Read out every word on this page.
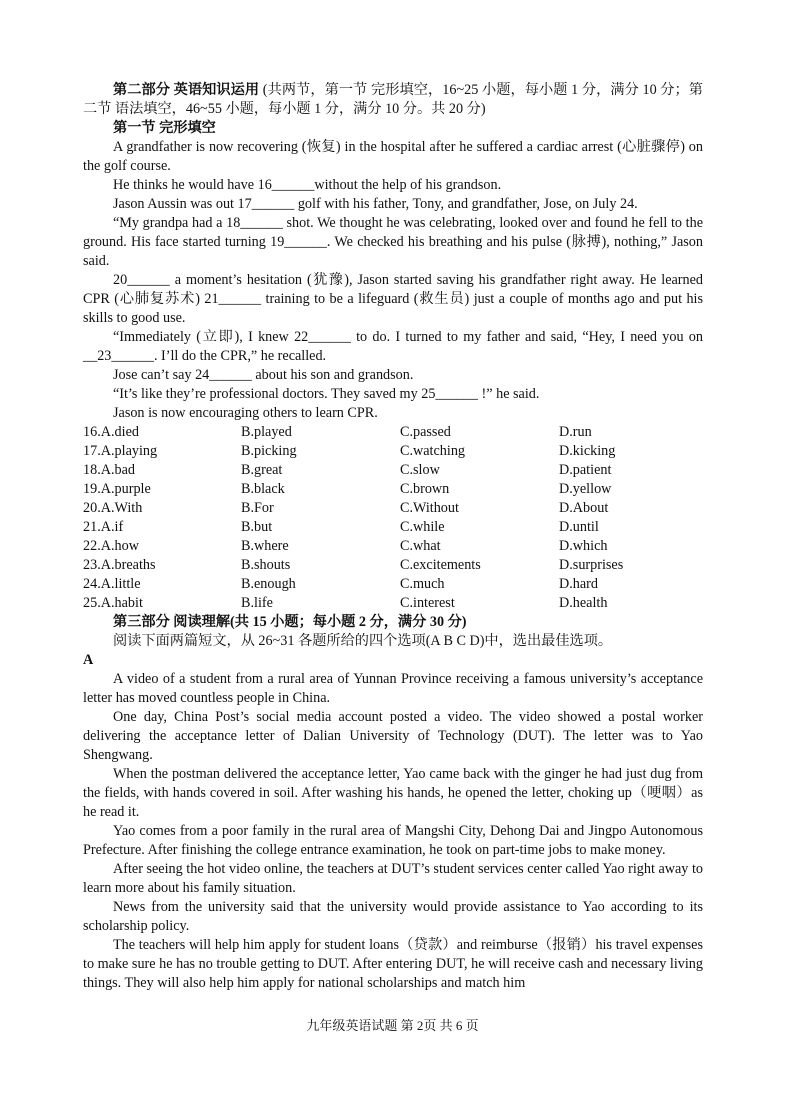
第二部分 英语知识运用 (共两节，第一节 完形填空，16~25 小题，每小题 1 分，满分 10 分；第二节 语法填空，46~55 小题，每小题 1 分，满分 10 分。共 20 分)

第一节 完形填空

A grandfather is now recovering (恢复) in the hospital after he suffered a cardiac arrest (心脏骤停) on the golf course.

He thinks he would have 16______without the help of his grandson.

Jason Aussin was out 17______ golf with his father, Tony, and grandfather, Jose, on July 24.

“My grandpa had a 18______ shot. We thought he was celebrating, looked over and found he fell to the ground. His face started turning 19______. We checked his breathing and his pulse (脉搏), nothing,” Jason said.

20______ a moment’s hesitation (犹豫), Jason started saving his grandfather right away. He learned CPR (心肺复苏术) 21______ training to be a lifeguard (救生员) just a couple of months ago and put his skills to good use.

“Immediately (立即), I knew 22______ to do. I turned to my father and said, “Hey, I need you on __23______. I’ll do the CPR,” he recalled.

Jose can’t say 24______ about his son and grandson.

“It’s like they’re professional doctors. They saved my 25______ !” he said.

Jason is now encouraging others to learn CPR.

16.A.died	B.played	C.passed	D.run
17.A.playing	B.picking	C.watching	D.kicking
18.A.bad	B.great	C.slow	D.patient
19.A.purple	B.black	C.brown	D.yellow
20.A.With	B.For	C.Without	D.About
21.A.if	B.but	C.while	D.until
22.A.how	B.where	C.what	D.which
23.A.breaths	B.shouts	C.excitements	D.surprises
24.A.little	B.enough	C.much	D.hard
25.A.habit	B.life	C.interest	D.health

第三部分 阅读理解(共 15 小题；每小题 2 分，满分 30 分)

阅读下面两篇短文，从 26~31 各题所给的四个选项(A B C D)中，选出最佳选项。

A

A video of a student from a rural area of Yunnan Province receiving a famous university’s acceptance letter has moved countless people in China.

One day, China Post’s social media account posted a video. The video showed a postal worker delivering the acceptance letter of Dalian University of Technology (DUT). The letter was to Yao Shengwang.

When the postman delivered the acceptance letter, Yao came back with the ginger he had just dug from the fields, with hands covered in soil. After washing his hands, he opened the letter, choking up（哽咽）as he read it.

Yao comes from a poor family in the rural area of Mangshi City, Dehong Dai and Jingpo Autonomous Prefecture. After finishing the college entrance examination, he took on part-time jobs to make money.

After seeing the hot video online, the teachers at DUT’s student services center called Yao right away to learn more about his family situation.

News from the university said that the university would provide assistance to Yao according to its scholarship policy.

The teachers will help him apply for student loans（贷款）and reimburse（报销）his travel expenses to make sure he has no trouble getting to DUT. After entering DUT, he will receive cash and necessary living things. They will also help him apply for national scholarships and match him

九年级英语试题 第 2页 共 6 页
